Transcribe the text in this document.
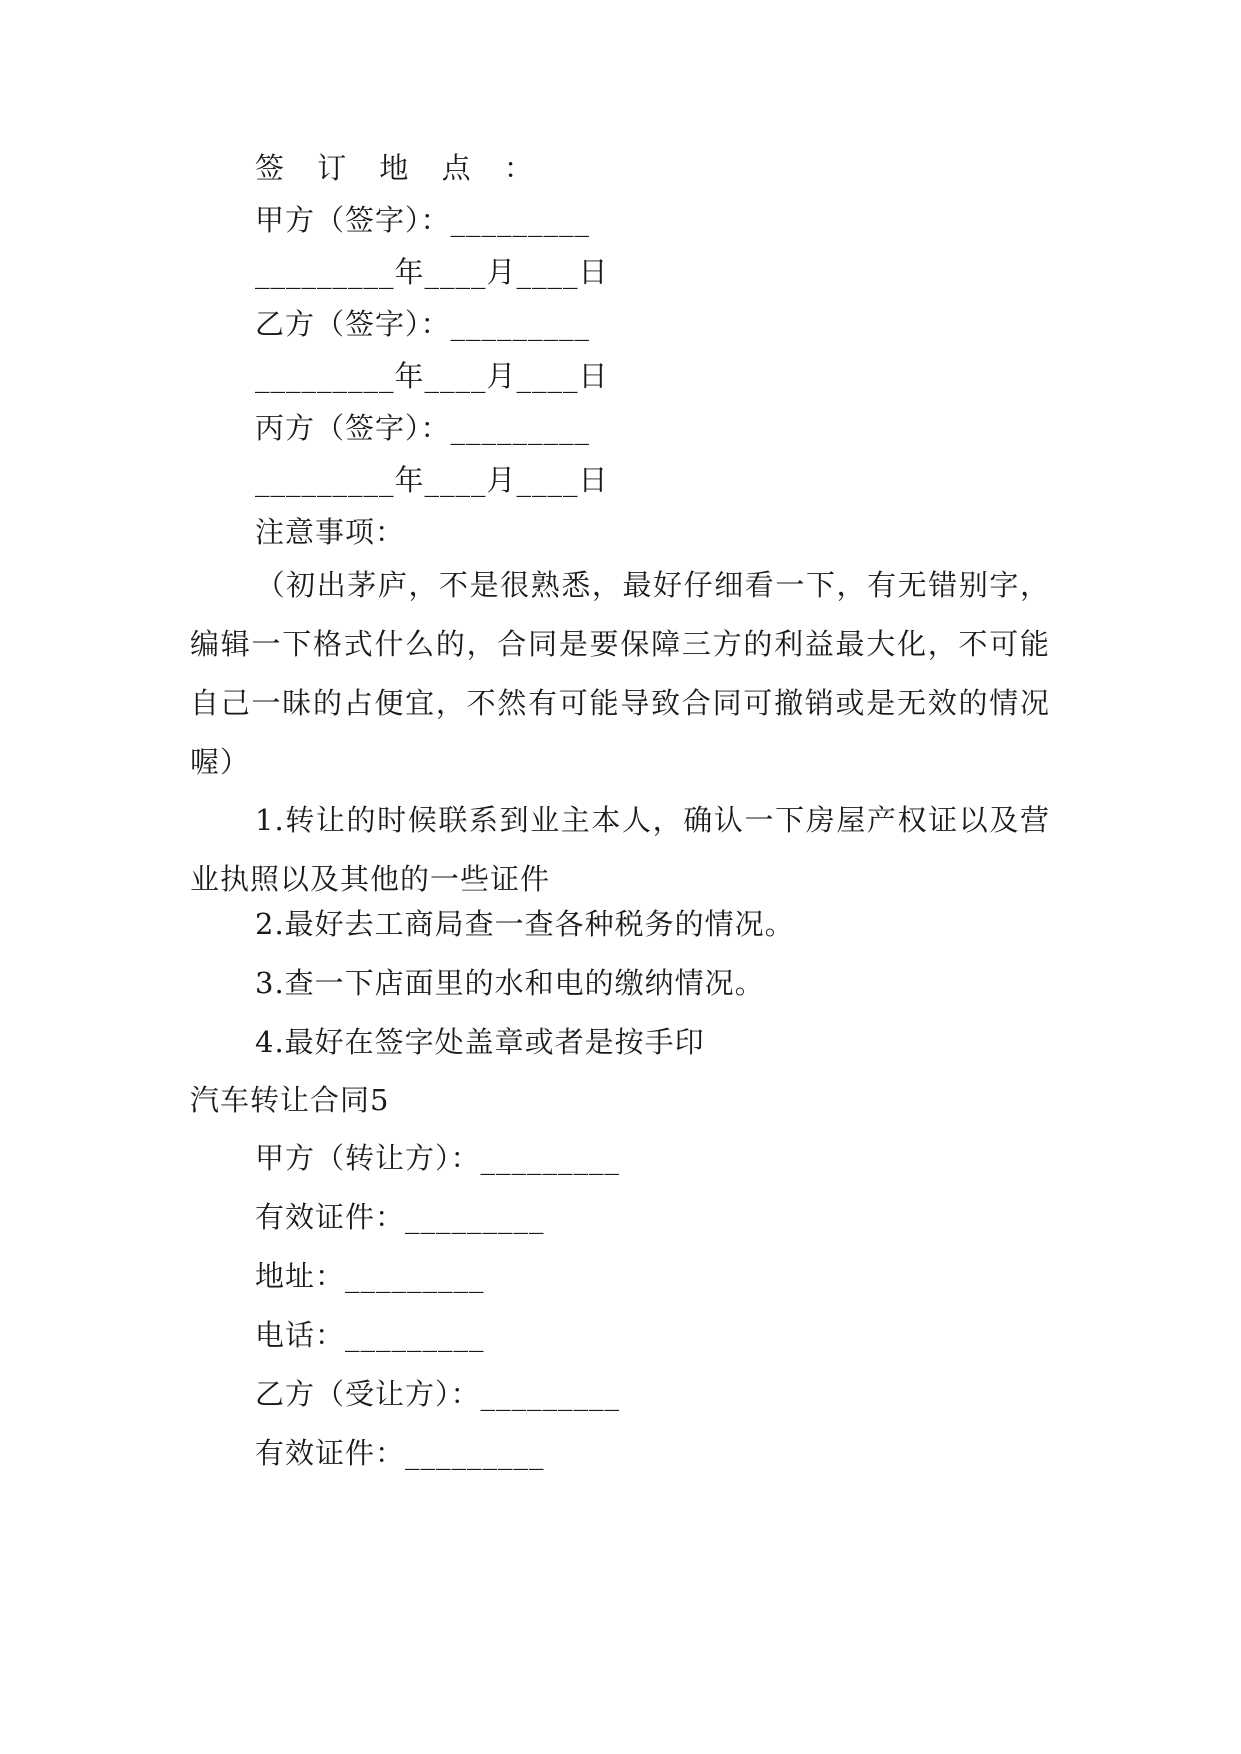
签 订 地 点 ：
甲方（签字）：_________
_________年____月____日
乙方（签字）：_________
_________年____月____日
丙方（签字）：_________
_________年____月____日
注意事项：
（初出茅庐，不是很熟悉，最好仔细看一下，有无错别字，编辑一下格式什么的，合同是要保障三方的利益最大化，不可能自己一昧的占便宜，不然有可能导致合同可撤销或是无效的情况喔）
1.转让的时候联系到业主本人，确认一下房屋产权证以及营业执照以及其他的一些证件
2.最好去工商局查一查各种税务的情况。
3.查一下店面里的水和电的缴纳情况。
4.最好在签字处盖章或者是按手印
汽车转让合同5
甲方（转让方）：_________
有效证件：_________
地址：_________
电话：_________
乙方（受让方）：_________
有效证件：_________
